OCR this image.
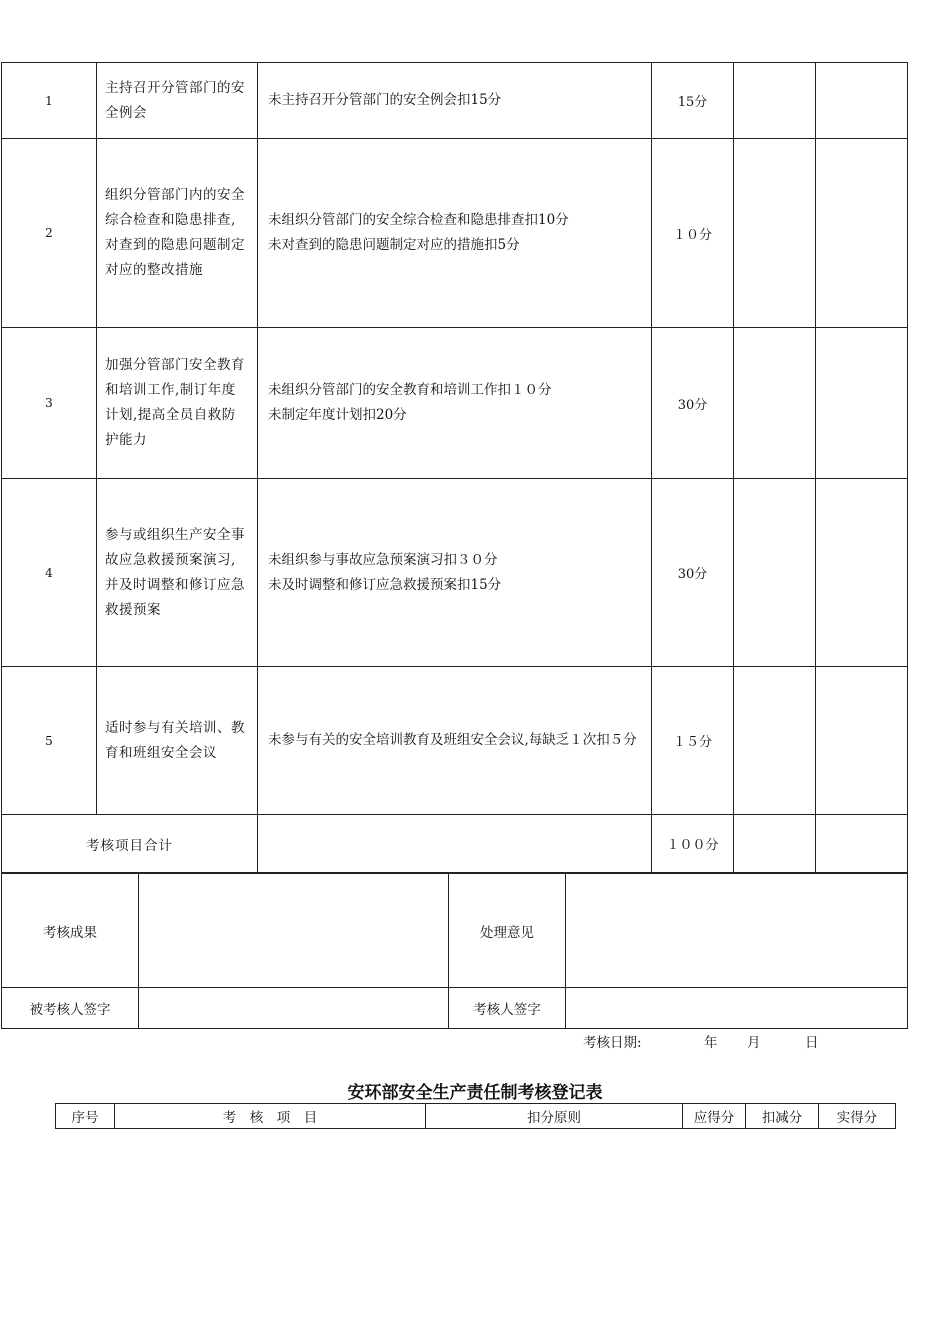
1	主持召开分管部门的安全例会	未主持召开分管部门的安全例会扣15分	15分		
2	组织分管部门内的安全综合检查和隐患排查,对查到的隐患问题制定对应的整改措施	未组织分管部门的安全综合检查和隐患排查扣10分
未对查到的隐患问题制定对应的措施扣5分	１０分		
3	加强分管部门安全教育和培训工作,制订年度计划,提高全员自救防护能力	未组织分管部门的安全教育和培训工作扣１０分
未制定年度计划扣20分	30分		
4	参与或组织生产安全事故应急救援预案演习,并及时调整和修订应急救援预案	未组织参与事故应急预案演习扣３０分
未及时调整和修订应急救援预案扣15分	30分		
5	适时参与有关培训、教育和班组安全会议	未参与有关的安全培训教育及班组安全会议,每缺乏１次扣５分	１５分		
考核项目合计			１００分		
考核成果		处理意见	
被考核人签字		考核人签字	
考核日期:	年 月	日
安环部安全生产责任制考核登记表
序号	考　核　项　目	扣分原则	应得分	扣减分	实得分
